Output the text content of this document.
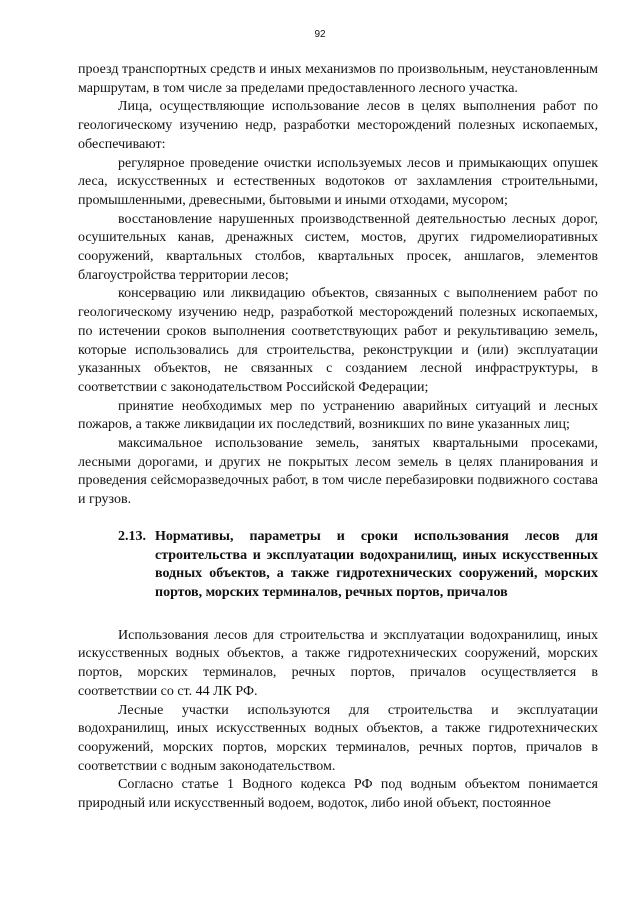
92

проезд транспортных средств и иных механизмов по произвольным, неустановленным маршрутам, в том числе за пределами предоставленного лесного участка.

Лица, осуществляющие использование лесов в целях выполнения работ по геологическому изучению недр, разработки месторождений полезных ископаемых, обеспечивают:

регулярное проведение очистки используемых лесов и примыкающих опушек леса, искусственных и естественных водотоков от захламления строительными, промышленными, древесными, бытовыми и иными отходами, мусором;

восстановление нарушенных производственной деятельностью лесных дорог, осушительных канав, дренажных систем, мостов, других гидромелиоративных сооружений, квартальных столбов, квартальных просек, аншлагов, элементов благоустройства территории лесов;

консервацию или ликвидацию объектов, связанных с выполнением работ по геологическому изучению недр, разработкой месторождений полезных ископаемых, по истечении сроков выполнения соответствующих работ и рекультивацию земель, которые использовались для строительства, реконструкции и (или) эксплуатации указанных объектов, не связанных с созданием лесной инфраструктуры, в соответствии с законодательством Российской Федерации;

принятие необходимых мер по устранению аварийных ситуаций и лесных пожаров, а также ликвидации их последствий, возникших по вине указанных лиц;

максимальное использование земель, занятых квартальными просеками, лесными дорогами, и других не покрытых лесом земель в целях планирования и проведения сейсморазведочных работ, в том числе перебазировки подвижного состава и грузов.

2.13. Нормативы, параметры и сроки использования лесов для строительства и эксплуатации водохранилищ, иных искусственных водных объектов, а также гидротехнических сооружений, морских портов, морских терминалов, речных портов, причалов

Использования лесов для строительства и эксплуатации водохранилищ, иных искусственных водных объектов, а также гидротехнических сооружений, морских портов, морских терминалов, речных портов, причалов осуществляется в соответствии со ст. 44 ЛК РФ.

Лесные участки используются для строительства и эксплуатации водохранилищ, иных искусственных водных объектов, а также гидротехнических сооружений, морских портов, морских терминалов, речных портов, причалов в соответствии с водным законодательством.

Согласно статье 1 Водного кодекса РФ под водным объектом понимается природный или искусственный водоем, водоток, либо иной объект, постоянное
